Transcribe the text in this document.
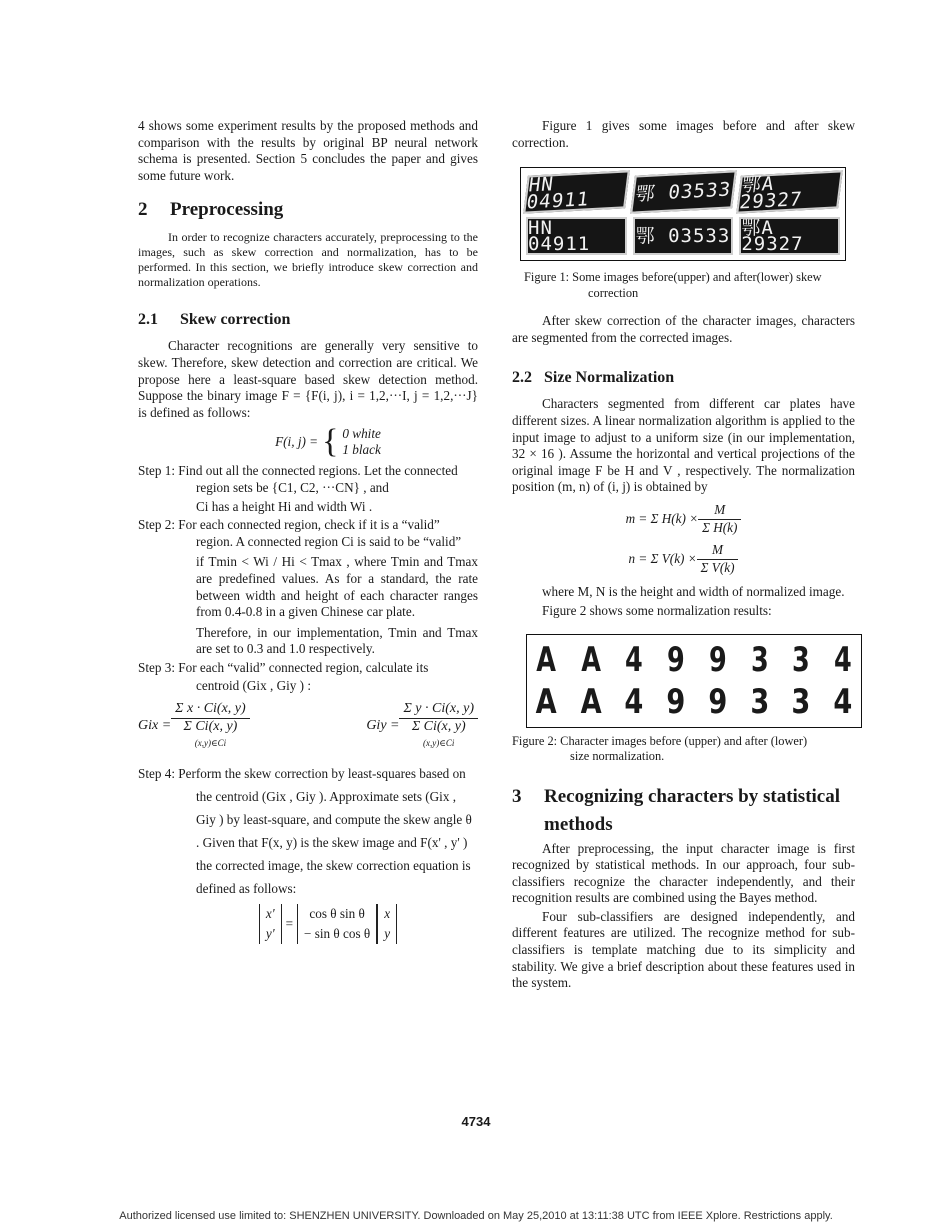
4 shows some experiment results by the proposed methods and comparison with the results by original BP neural network schema is presented. Section 5 concludes the paper and gives some future work.

2 Preprocessing

In order to recognize characters accurately, preprocessing to the images, such as skew correction and normalization, has to be performed. In this section, we briefly introduce skew correction and normalization operations.

2.1 Skew correction

Character recognitions are generally very sensitive to skew. Therefore, skew detection and correction are critical. We propose here a least-square based skew detection method. Suppose the binary image F = {F(i, j), i = 1,2,···I, j = 1,2,···J} is defined as follows:

F(i, j) = { 0 white
1 black

Step 1: Find out all the connected regions. Let the connected region sets be {C1, C2, ···CN} , and

Ci has a height Hi and width Wi .

Step 2: For each connected region, check if it is a “valid” region. A connected region Ci is said to be “valid”

if Tmin < Wi / Hi < Tmax , where Tmin and Tmax are predefined values. As for a standard, the rate between width and height of each character ranges from 0.4-0.8 in a given Chinese car plate.

Therefore, in our implementation, Tmin and Tmax are set to 0.3 and 1.0 respectively.

Step 3: For each “valid” connected region, calculate its

centroid (Gix , Giy ) :

Gix =
Σ x · Ci(x, y)
Σ Ci(x, y)
(x,y)∈Ci
Giy =
Σ y · Ci(x, y)
Σ Ci(x, y)
(x,y)∈Ci

Step 4: Perform the skew correction by least-squares based on the centroid (Gix , Giy ). Approximate sets (Gix , Giy ) by least-square, and compute the skew angle θ . Given that F(x, y) is the skew image and F(x' , y' ) the corrected image, the skew correction equation is defined as follows:

x'
y'
=
cos θ sin θ
− sin θ cos θ
x
y

Figure 1 gives some images before and after skew correction.

HN 04911	鄂 03533 鄂A 29327
HN 04911	鄂 03533 鄂A 29327

Figure 1: Some images before(upper) and after(lower) skew
correction

After skew correction of the character images, characters are segmented from the corrected images.

2.2 Size Normalization

Characters segmented from different car plates have different sizes. A linear normalization algorithm is applied to the input image to adjust to a uniform size (in our implementation, 32 × 16 ). Assume the horizontal and vertical projections of the original image F be H and V , respectively. The normalization position (m, n) of (i, j) is obtained by

m = Σ $H(k) \times \frac{M}{\text{Σ H(k)}}$
n = Σ $V(k) \times \frac{M}{\text{Σ V(k)}}$

where M, N is the height and width of normalized image.

Figure 2 shows some normalization results:

A A 4 9 9 3 3 4
A A 4 9 9 3 3 4

Figure 2: Character images before (upper) and after (lower)
size normalization.

3 Recognizing characters by statistical
methods

After preprocessing, the input character image is first recognized by statistical methods. In our approach, four sub-classifiers recognize the character independently, and their recognition results are combined using the Bayes method.

Four sub-classifiers are designed independently, and different features are utilized. The recognize method for sub-classifiers is template matching due to its simplicity and stability. We give a brief description about these features used in the system.

4734
Authorized licensed use limited to: SHENZHEN UNIVERSITY. Downloaded on May 25,2010 at 13:11:38 UTC from IEEE Xplore. Restrictions apply.
